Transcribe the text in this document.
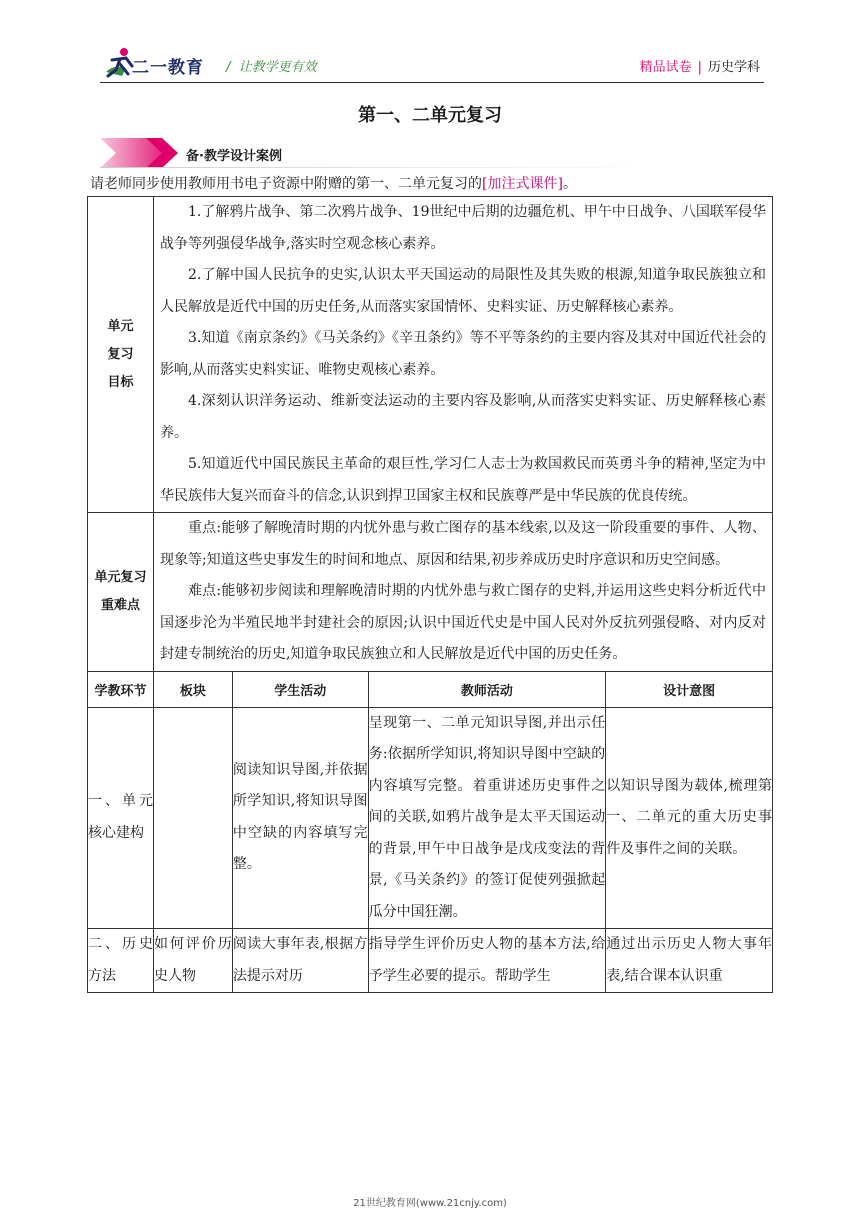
二一教育 /  让教学更有效	精品试卷 | 历史学科
第一、二单元复习
备·教学设计案例
请老师同步使用教师用书电子资源中附赠的第一、二单元复习的[加注式课件]。
单元复习目标	1.了解鸦片战争、第二次鸦片战争、19世纪中后期的边疆危机、甲午中日战争、八国联军侵华战争等列强侵华战争,落实时空观念核心素养。

2.了解中国人民抗争的史实,认识太平天国运动的局限性及其失败的根源,知道争取民族独立和人民解放是近代中国的历史任务,从而落实家国情怀、史料实证、历史解释核心素养。

3.知道《南京条约》《马关条约》《辛丑条约》等不平等条约的主要内容及其对中国近代社会的影响,从而落实史料实证、唯物史观核心素养。

4.深刻认识洋务运动、维新变法运动的主要内容及影响,从而落实史料实证、历史解释核心素养。

5.知道近代中国民族民主革命的艰巨性,学习仁人志士为救国救民而英勇斗争的精神,坚定为中华民族伟大复兴而奋斗的信念,认识到捍卫国家主权和民族尊严是中华民族的优良传统。			

单元复习重难点	重点:能够了解晚清时期的内忧外患与救亡图存的基本线索,以及这一阶段重要的事件、人物、现象等;知道这些史事发生的时间和地点、原因和结果,初步养成历史时序意识和历史空间感。

难点:能够初步阅读和理解晚清时期的内忧外患与救亡图存的史料,并运用这些史料分析近代中国逐步沦为半殖民地半封建社会的原因;认识中国近代史是中国人民对外反抗列强侵略、对内反对封建专制统治的历史,知道争取民族独立和人民解放是近代中国的历史任务。			

学教环节	板块	学生活动	教师活动	设计意图
一、单元核心建构		阅读知识导图,并依据所学知识,将知识导图中空缺的内容填写完整。	呈现第一、二单元知识导图,并出示任务:依据所学知识,将知识导图中空缺的内容填写完整。着重讲述历史事件之间的关联,如鸦片战争是太平天国运动的背景,甲午中日战争是戊戌变法的背景,《马关条约》的签订促使列强掀起瓜分中国狂潮。	以知识导图为载体,梳理第一、二单元的重大历史事件及事件之间的关联。
二、历史方法	如何评价历史人物	阅读大事年表,根据方法提示对历	指导学生评价历史人物的基本方法,给予学生必要的提示。帮助学生	通过出示历史人物大事年表,结合课本认识重
21世纪教育网(www.21cnjy.com)
